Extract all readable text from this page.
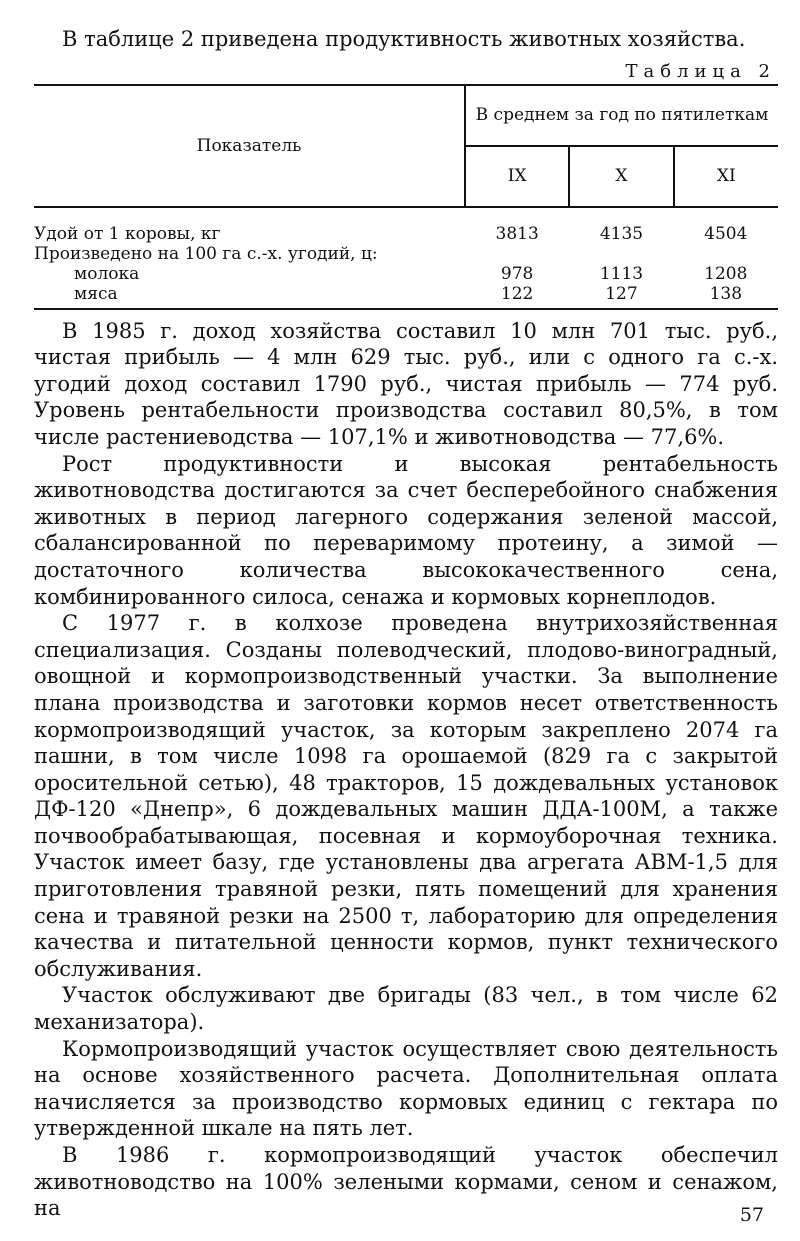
В таблице 2 приведена продуктивность животных хозяйства.

Таблица 2
Показатель	В среднем за год по пятилеткам		
	IX	X	XI
Удой от 1 коровы, кг	3813	4135	4504
Произведено на 100 га с.-х. угодий, ц:			
молока	978	1113	1208
мяса	122	127	138

В 1985 г. доход хозяйства составил 10 млн 701 тыс. руб., чистая прибыль — 4 млн 629 тыс. руб., или с одного га с.-х. угодий доход составил 1790 руб., чистая прибыль — 774 руб. Уровень рентабельности производства составил 80,5%, в том числе растениеводства — 107,1% и животноводства — 77,6%.

Рост продуктивности и высокая рентабельность животноводства достигаются за счет бесперебойного снабжения животных в период лагерного содержания зеленой массой, сбалансированной по переваримому протеину, а зимой — достаточного количества высококачественного сена, комбинированного силоса, сенажа и кормовых корнеплодов.

С 1977 г. в колхозе проведена внутрихозяйственная специализация. Созданы полеводческий, плодово-виноградный, овощной и кормопроизводственный участки. За выполнение плана производства и заготовки кормов несет ответственность кормопроизводящий участок, за которым закреплено 2074 га пашни, в том числе 1098 га орошаемой (829 га с закрытой оросительной сетью), 48 тракторов, 15 дождевальных установок ДФ-120 «Днепр», 6 дождевальных машин ДДА-100М, а также почвообрабатывающая, посевная и кормоуборочная техника. Участок имеет базу, где установлены два агрегата АВМ-1,5 для приготовления травяной резки, пять помещений для хранения сена и травяной резки на 2500 т, лабораторию для определения качества и питательной ценности кормов, пункт технического обслуживания.

Участок обслуживают две бригады (83 чел., в том числе 62 механизатора).

Кормопроизводящий участок осуществляет свою деятельность на основе хозяйственного расчета. Дополнительная оплата начисляется за производство кормовых единиц с гектара по утвержденной шкале на пять лет.

В 1986 г. кормопроизводящий участок обеспечил животноводство на 100% зелеными кормами, сеном и сенажом, на	57
